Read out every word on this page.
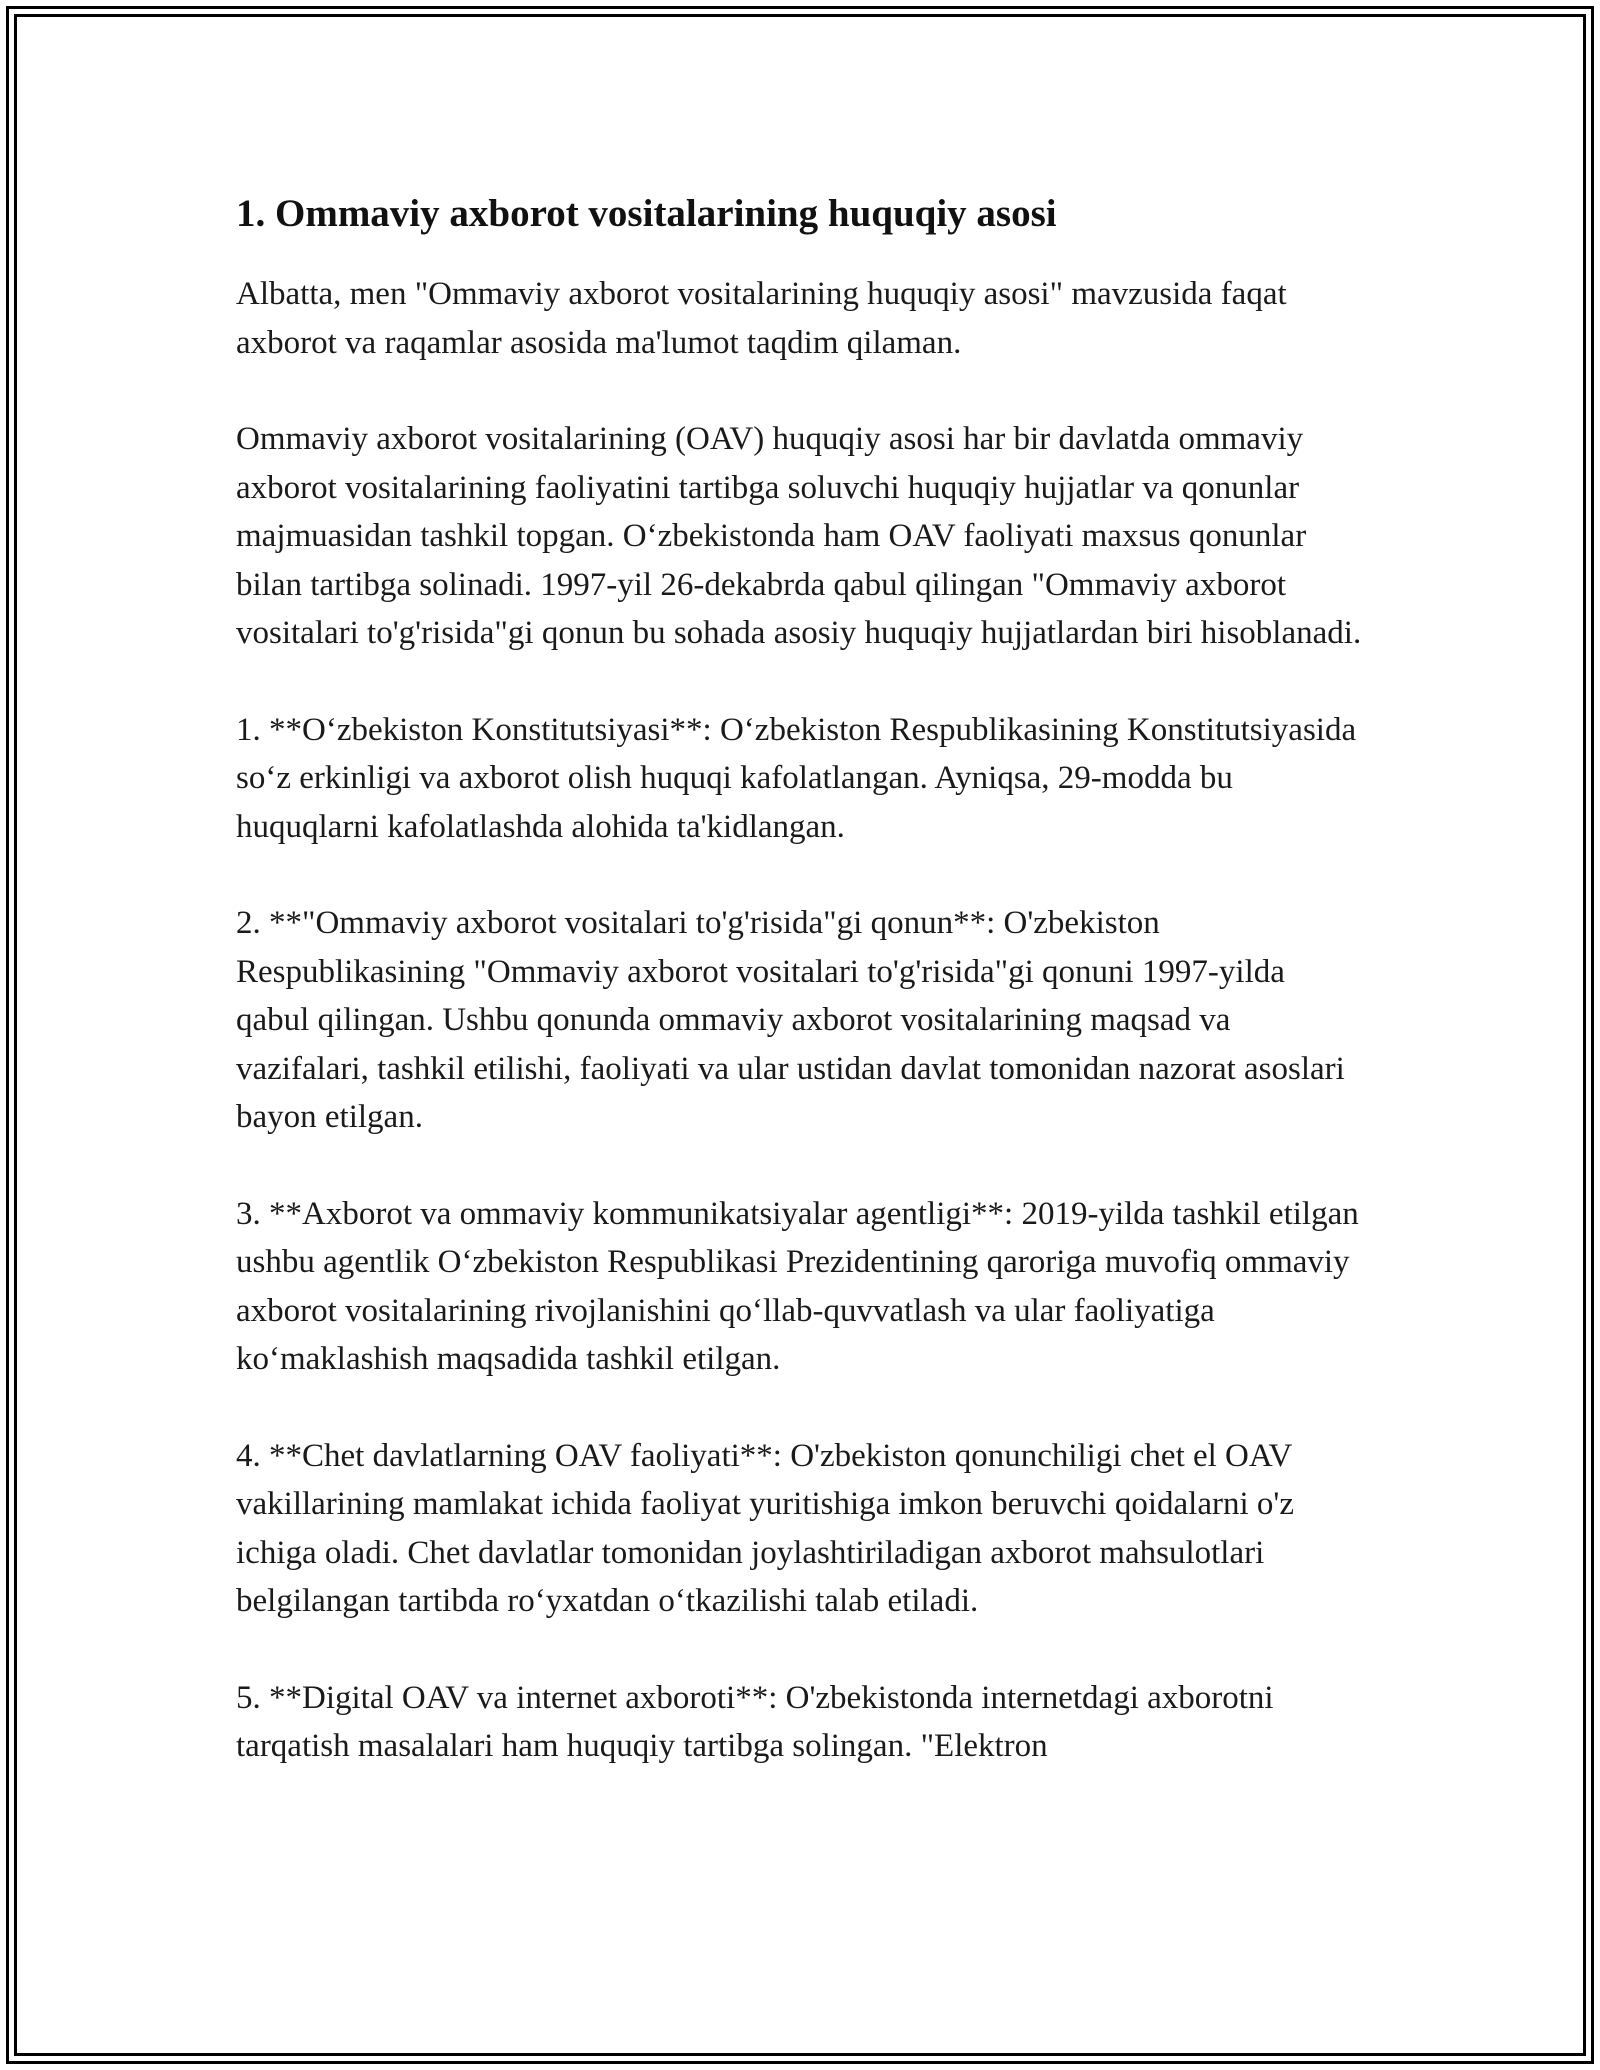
1. Ommaviy axborot vositalarining huquqiy asosi

Albatta, men "Ommaviy axborot vositalarining huquqiy asosi" mavzusida faqat axborot va raqamlar asosida ma'lumot taqdim qilaman.

Ommaviy axborot vositalarining (OAV) huquqiy asosi har bir davlatda ommaviy axborot vositalarining faoliyatini tartibga soluvchi huquqiy hujjatlar va qonunlar majmuasidan tashkil topgan. O‘zbekistonda ham OAV faoliyati maxsus qonunlar bilan tartibga solinadi. 1997-yil 26-dekabrda qabul qilingan "Ommaviy axborot vositalari to'g'risida"gi qonun bu sohada asosiy huquqiy hujjatlardan biri hisoblanadi.

1. **O‘zbekiston Konstitutsiyasi**: O‘zbekiston Respublikasining Konstitutsiyasida so‘z erkinligi va axborot olish huquqi kafolatlangan. Ayniqsa, 29-modda bu huquqlarni kafolatlashda alohida ta'kidlangan.

2. **"Ommaviy axborot vositalari to'g'risida"gi qonun**: O'zbekiston Respublikasining "Ommaviy axborot vositalari to'g'risida"gi qonuni 1997-yilda qabul qilingan. Ushbu qonunda ommaviy axborot vositalarining maqsad va vazifalari, tashkil etilishi, faoliyati va ular ustidan davlat tomonidan nazorat asoslari bayon etilgan.

3. **Axborot va ommaviy kommunikatsiyalar agentligi**: 2019-yilda tashkil etilgan ushbu agentlik O‘zbekiston Respublikasi Prezidentining qaroriga muvofiq ommaviy axborot vositalarining rivojlanishini qo‘llab-quvvatlash va ular faoliyatiga ko‘maklashish maqsadida tashkil etilgan.

4. **Chet davlatlarning OAV faoliyati**: O'zbekiston qonunchiligi chet el OAV vakillarining mamlakat ichida faoliyat yuritishiga imkon beruvchi qoidalarni o'z ichiga oladi. Chet davlatlar tomonidan joylashtiriladigan axborot mahsulotlari belgilangan tartibda ro‘yxatdan o‘tkazilishi talab etiladi.

5. **Digital OAV va internet axboroti**: O'zbekistonda internetdagi axborotni tarqatish masalalari ham huquqiy tartibga solingan. "Elektron
